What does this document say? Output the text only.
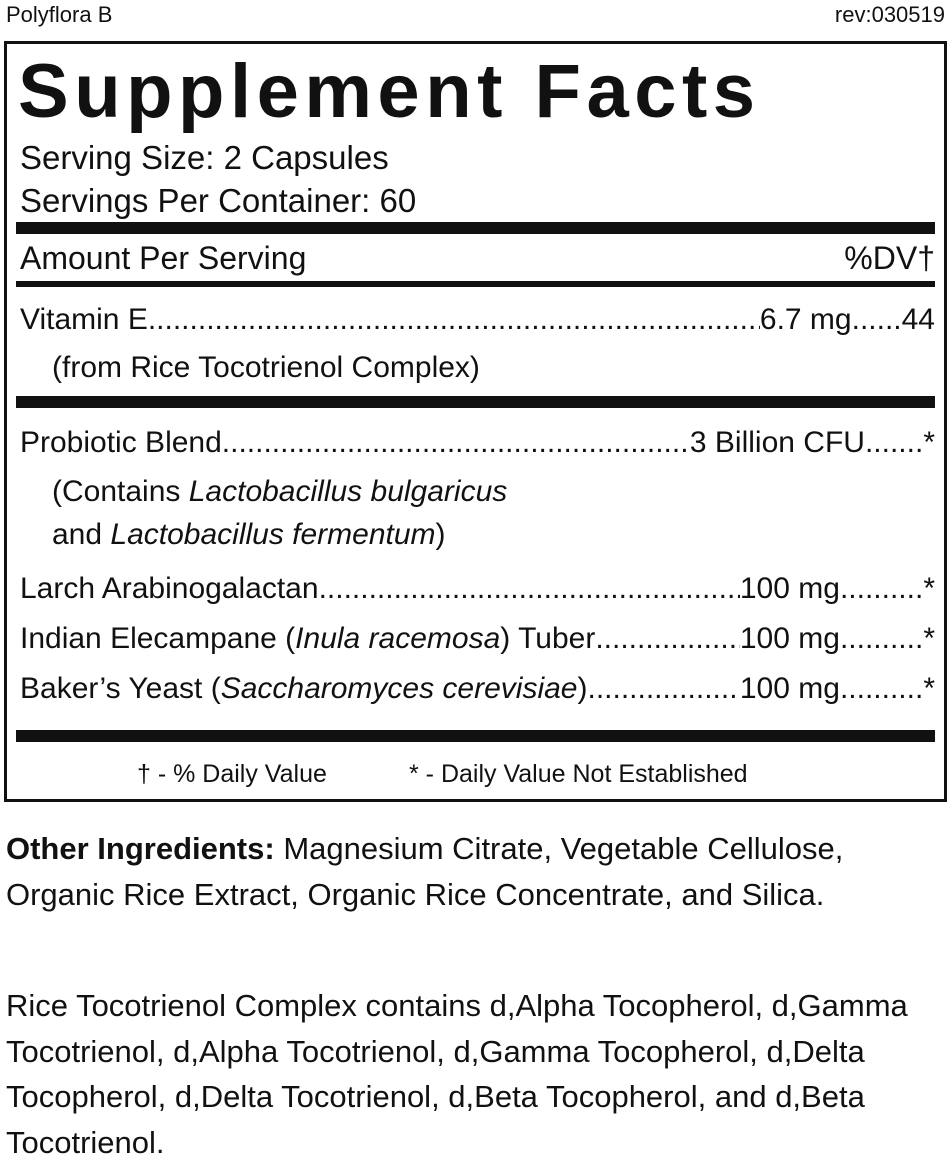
Polyflora B	rev:030519
Supplement Facts
Serving Size: 2 Capsules
Servings Per Container: 60
Amount Per Serving	%DV†
Vitamin E .....	6.7 mg ...... 44
(from Rice Tocotrienol Complex)
Probiotic Blend .....	3 Billion CFU ....... *
(Contains Lactobacillus bulgaricus
and Lactobacillus fermentum)
Larch Arabinogalactan .....	100 mg .......... *
Indian Elecampane (Inula racemosa) Tuber .....	100 mg .......... *
Baker’s Yeast (Saccharomyces cerevisiae) .....	100 mg .......... *
† - % Daily Value	* - Daily Value Not Established
Other Ingredients: Magnesium Citrate, Vegetable Cellulose, Organic Rice Extract, Organic Rice Concentrate, and Silica.
Rice Tocotrienol Complex contains d,Alpha Tocopherol, d,Gamma Tocotrienol, d,Alpha Tocotrienol, d,Gamma Tocopherol, d,Delta Tocopherol, d,Delta Tocotrienol, d,Beta Tocopherol, and d,Beta Tocotrienol.
